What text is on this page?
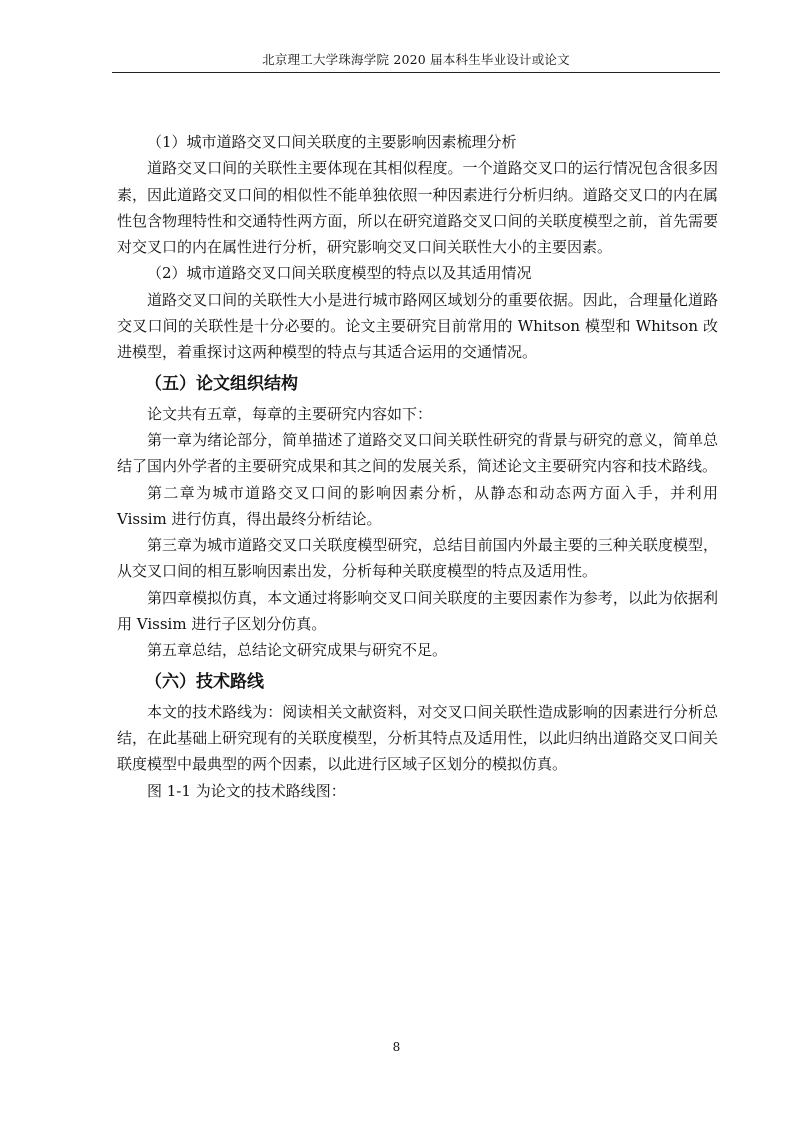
北京理工大学珠海学院 2020 届本科生毕业设计或论文
（1）城市道路交叉口间关联度的主要影响因素梳理分析

道路交叉口间的关联性主要体现在其相似程度。一个道路交叉口的运行情况包含很多因素，因此道路交叉口间的相似性不能单独依照一种因素进行分析归纳。道路交叉口的内在属性包含物理特性和交通特性两方面，所以在研究道路交叉口间的关联度模型之前，首先需要对交叉口的内在属性进行分析，研究影响交叉口间关联性大小的主要因素。

（2）城市道路交叉口间关联度模型的特点以及其适用情况

道路交叉口间的关联性大小是进行城市路网区域划分的重要依据。因此，合理量化道路交叉口间的关联性是十分必要的。论文主要研究目前常用的 Whitson 模型和 Whitson 改进模型，着重探讨这两种模型的特点与其适合运用的交通情况。

（五）论文组织结构

论文共有五章，每章的主要研究内容如下：

第一章为绪论部分，简单描述了道路交叉口间关联性研究的背景与研究的意义，简单总结了国内外学者的主要研究成果和其之间的发展关系，简述论文主要研究内容和技术路线。

第二章为城市道路交叉口间的影响因素分析，从静态和动态两方面入手，并利用 Vissim 进行仿真，得出最终分析结论。

第三章为城市道路交叉口关联度模型研究，总结目前国内外最主要的三种关联度模型，从交叉口间的相互影响因素出发，分析每种关联度模型的特点及适用性。

第四章模拟仿真，本文通过将影响交叉口间关联度的主要因素作为参考，以此为依据利用 Vissim 进行子区划分仿真。

第五章总结，总结论文研究成果与研究不足。

（六）技术路线

本文的技术路线为：阅读相关文献资料，对交叉口间关联性造成影响的因素进行分析总结，在此基础上研究现有的关联度模型，分析其特点及适用性，以此归纳出道路交叉口间关联度模型中最典型的两个因素，以此进行区域子区划分的模拟仿真。

图 1-1 为论文的技术路线图：

8
